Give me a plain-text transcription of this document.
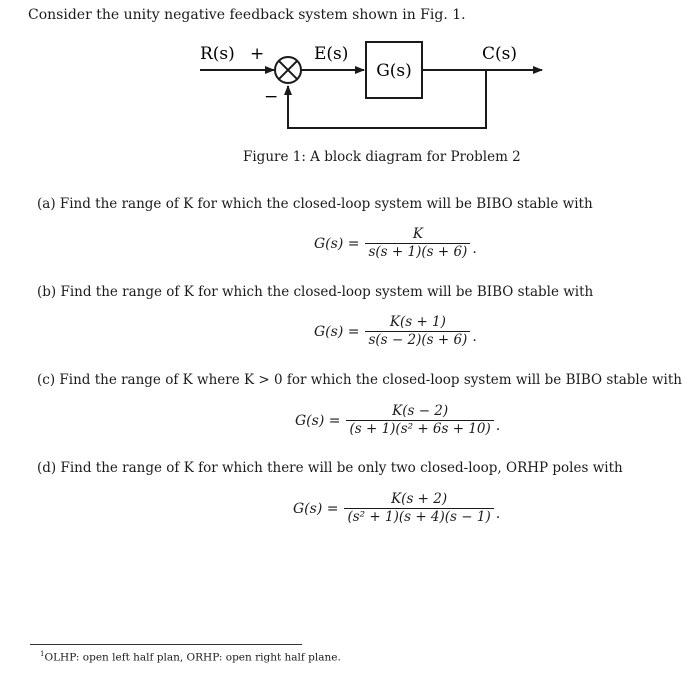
Consider the unity negative feedback system shown in Fig. 1.
R(s) +	E(s)
G(s)
C(s)
−
Figure 1: A block diagram for Problem 2
(a) Find the range of K for which the closed-loop system will be BIBO stable with
$G(s) = \frac{K}{s(s + 1)(s + 6)}$ .
(b) Find the range of K for which the closed-loop system will be BIBO stable with
$G(s) = \frac{K(s + 1)}{s(s - 2)(s + 6)}$ .
(c) Find the range of K where K > 0 for which the closed-loop system will be BIBO stable with
$G(s) = \frac{K(s - 2)}{\text{(s + 1)(s² + 6s + 10)}}$ .
(d) Find the range of K for which there will be only two closed-loop, ORHP poles with
$G(s) = \frac{K(s + 2)}{\text{(s² + 1)(s + 4)(s − 1)}}$ .
$^1$OLHP: open left half plan, ORHP: open right half plane.
